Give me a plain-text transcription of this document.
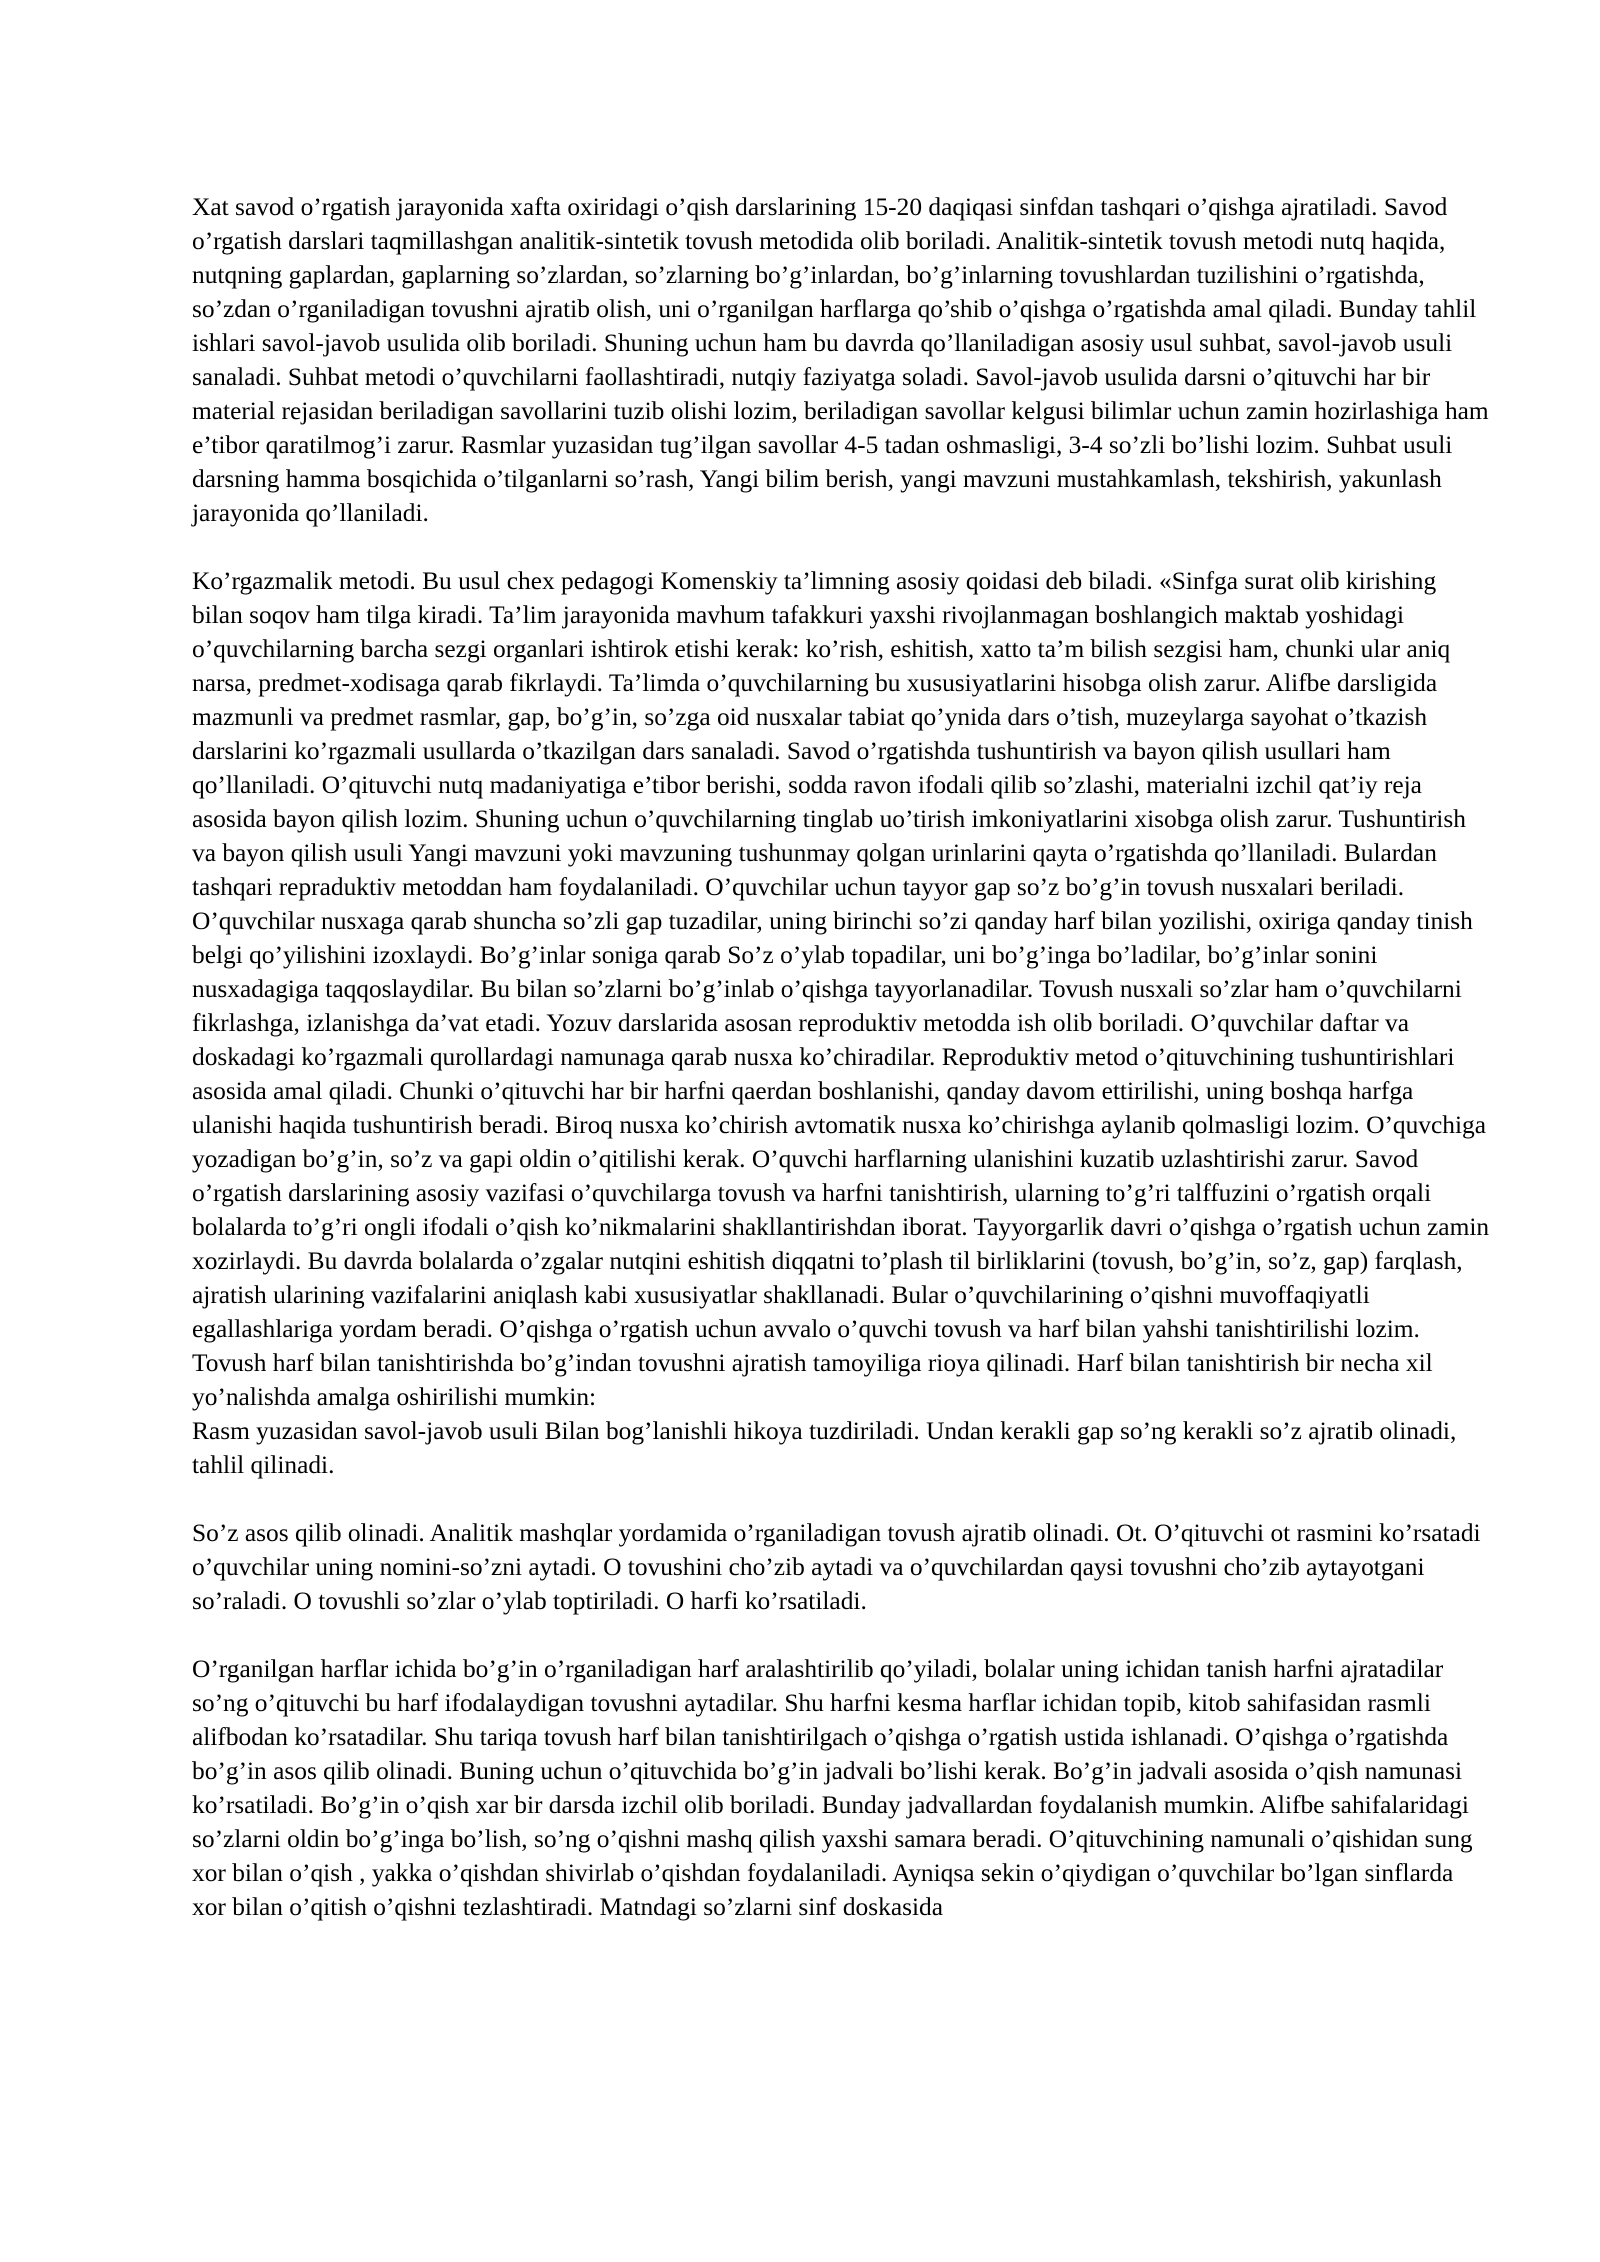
Xat savod o’rgatish jarayonida xafta oxiridagi o’qish darslarining 15-20 daqiqasi sinfdan tashqari o’qishga ajratiladi. Savod o’rgatish darslari taqmillashgan analitik-sintetik tovush metodida olib boriladi. Analitik-sintetik tovush metodi nutq haqida, nutqning gaplardan, gaplarning so’zlardan, so’zlarning bo’g’inlardan, bo’g’inlarning tovushlardan tuzilishini o’rgatishda, so’zdan o’rganiladigan tovushni ajratib olish, uni o’rganilgan harflarga qo’shib o’qishga o’rgatishda amal qiladi. Bunday tahlil ishlari savol-javob usulida olib boriladi. Shuning uchun ham bu davrda qo’llaniladigan asosiy usul suhbat, savol-javob usuli sanaladi. Suhbat metodi o’quvchilarni faollashtiradi, nutqiy faziyatga soladi. Savol-javob usulida darsni o’qituvchi har bir material rejasidan beriladigan savollarini tuzib olishi lozim, beriladigan savollar kelgusi bilimlar uchun zamin hozirlashiga ham e’tibor qaratilmog’i zarur. Rasmlar yuzasidan tug’ilgan savollar 4-5 tadan oshmasligi, 3-4 so’zli bo’lishi lozim. Suhbat usuli darsning hamma bosqichida o’tilganlarni so’rash, Yangi bilim berish, yangi mavzuni mustahkamlash, tekshirish, yakunlash jarayonida qo’llaniladi.

Ko’rgazmalik metodi. Bu usul chex pedagogi Komenskiy ta’limning asosiy qoidasi deb biladi. «Sinfga surat olib kirishing bilan soqov ham tilga kiradi. Ta’lim jarayonida mavhum tafakkuri yaxshi rivojlanmagan boshlangich maktab yoshidagi o’quvchilarning barcha sezgi organlari ishtirok etishi kerak: ko’rish, eshitish, xatto ta’m bilish sezgisi ham, chunki ular aniq narsa, predmet-xodisaga qarab fikrlaydi. Ta’limda o’quvchilarning bu xususiyatlarini hisobga olish zarur. Alifbe darsligida mazmunli va predmet rasmlar, gap, bo’g’in, so’zga oid nusxalar tabiat qo’ynida dars o’tish, muzeylarga sayohat o’tkazish darslarini ko’rgazmali usullarda o’tkazilgan dars sanaladi. Savod o’rgatishda tushuntirish va bayon qilish usullari ham qo’llaniladi. O’qituvchi nutq madaniyatiga e’tibor berishi, sodda ravon ifodali qilib so’zlashi, materialni izchil qat’iy reja asosida bayon qilish lozim. Shuning uchun o’quvchilarning tinglab uo’tirish imkoniyatlarini xisobga olish zarur. Tushuntirish va bayon qilish usuli Yangi mavzuni yoki mavzuning tushunmay qolgan urinlarini qayta o’rgatishda qo’llaniladi. Bulardan tashqari repraduktiv metoddan ham foydalaniladi. O’quvchilar uchun tayyor gap so’z bo’g’in tovush nusxalari beriladi. O’quvchilar nusxaga qarab shuncha so’zli gap tuzadilar, uning birinchi so’zi qanday harf bilan yozilishi, oxiriga qanday tinish belgi qo’yilishini izoxlaydi. Bo’g’inlar soniga qarab So’z o’ylab topadilar, uni bo’g’inga bo’ladilar, bo’g’inlar sonini nusxadagiga taqqoslaydilar. Bu bilan so’zlarni bo’g’inlab o’qishga tayyorlanadilar. Tovush nusxali so’zlar ham o’quvchilarni fikrlashga, izlanishga da’vat etadi. Yozuv darslarida asosan reproduktiv metodda ish olib boriladi. O’quvchilar daftar va doskadagi ko’rgazmali qurollardagi namunaga qarab nusxa ko’chiradilar. Reproduktiv metod o’qituvchining tushuntirishlari asosida amal qiladi. Chunki o’qituvchi har bir harfni qaerdan boshlanishi, qanday davom ettirilishi, uning boshqa harfga ulanishi haqida tushuntirish beradi. Biroq nusxa ko’chirish avtomatik nusxa ko’chirishga aylanib qolmasligi lozim. O’quvchiga yozadigan bo’g’in, so’z va gapi oldin o’qitilishi kerak. O’quvchi harflarning ulanishini kuzatib uzlashtirishi zarur. Savod o’rgatish darslarining asosiy vazifasi o’quvchilarga tovush va harfni tanishtirish, ularning to’g’ri talffuzini o’rgatish orqali bolalarda to’g’ri ongli ifodali o’qish ko’nikmalarini shakllantirishdan iborat. Tayyorgarlik davri o’qishga o’rgatish uchun zamin xozirlaydi. Bu davrda bolalarda o’zgalar nutqini eshitish diqqatni to’plash til birliklarini (tovush, bo’g’in, so’z, gap) farqlash, ajratish ularining vazifalarini aniqlash kabi xususiyatlar shakllanadi. Bular o’quvchilarining o’qishni muvoffaqiyatli egallashlariga yordam beradi. O’qishga o’rgatish uchun avvalo o’quvchi tovush va harf bilan yahshi tanishtirilishi lozim. Tovush harf bilan tanishtirishda bo’g’indan tovushni ajratish tamoyiliga rioya qilinadi. Harf bilan tanishtirish bir necha xil yo’nalishda amalga oshirilishi mumkin:

Rasm yuzasidan savol-javob usuli Bilan bog’lanishli hikoya tuzdiriladi. Undan kerakli gap so’ng kerakli so’z ajratib olinadi, tahlil qilinadi.

So’z asos qilib olinadi. Analitik mashqlar yordamida o’rganiladigan tovush ajratib olinadi. Ot. O’qituvchi ot rasmini ko’rsatadi o’quvchilar uning nomini-so’zni aytadi. O tovushini cho’zib aytadi va o’quvchilardan qaysi tovushni cho’zib aytayotgani so’raladi. O tovushli so’zlar o’ylab toptiriladi. O harfi ko’rsatiladi.

O’rganilgan harflar ichida bo’g’in o’rganiladigan harf aralashtirilib qo’yiladi, bolalar uning ichidan tanish harfni ajratadilar so’ng o’qituvchi bu harf ifodalaydigan tovushni aytadilar. Shu harfni kesma harflar ichidan topib, kitob sahifasidan rasmli alifbodan ko’rsatadilar. Shu tariqa tovush harf bilan tanishtirilgach o’qishga o’rgatish ustida ishlanadi. O’qishga o’rgatishda bo’g’in asos qilib olinadi. Buning uchun o’qituvchida bo’g’in jadvali bo’lishi kerak. Bo’g’in jadvali asosida o’qish namunasi ko’rsatiladi. Bo’g’in o’qish xar bir darsda izchil olib boriladi. Bunday jadvallardan foydalanish mumkin. Alifbe sahifalaridagi so’zlarni oldin bo’g’inga bo’lish, so’ng o’qishni mashq qilish yaxshi samara beradi. O’qituvchining namunali o’qishidan sung xor bilan o’qish , yakka o’qishdan shivirlab o’qishdan foydalaniladi. Ayniqsa sekin o’qiydigan o’quvchilar bo’lgan sinflarda xor bilan o’qitish o’qishni tezlashtiradi. Matndagi so’zlarni sinf doskasida
